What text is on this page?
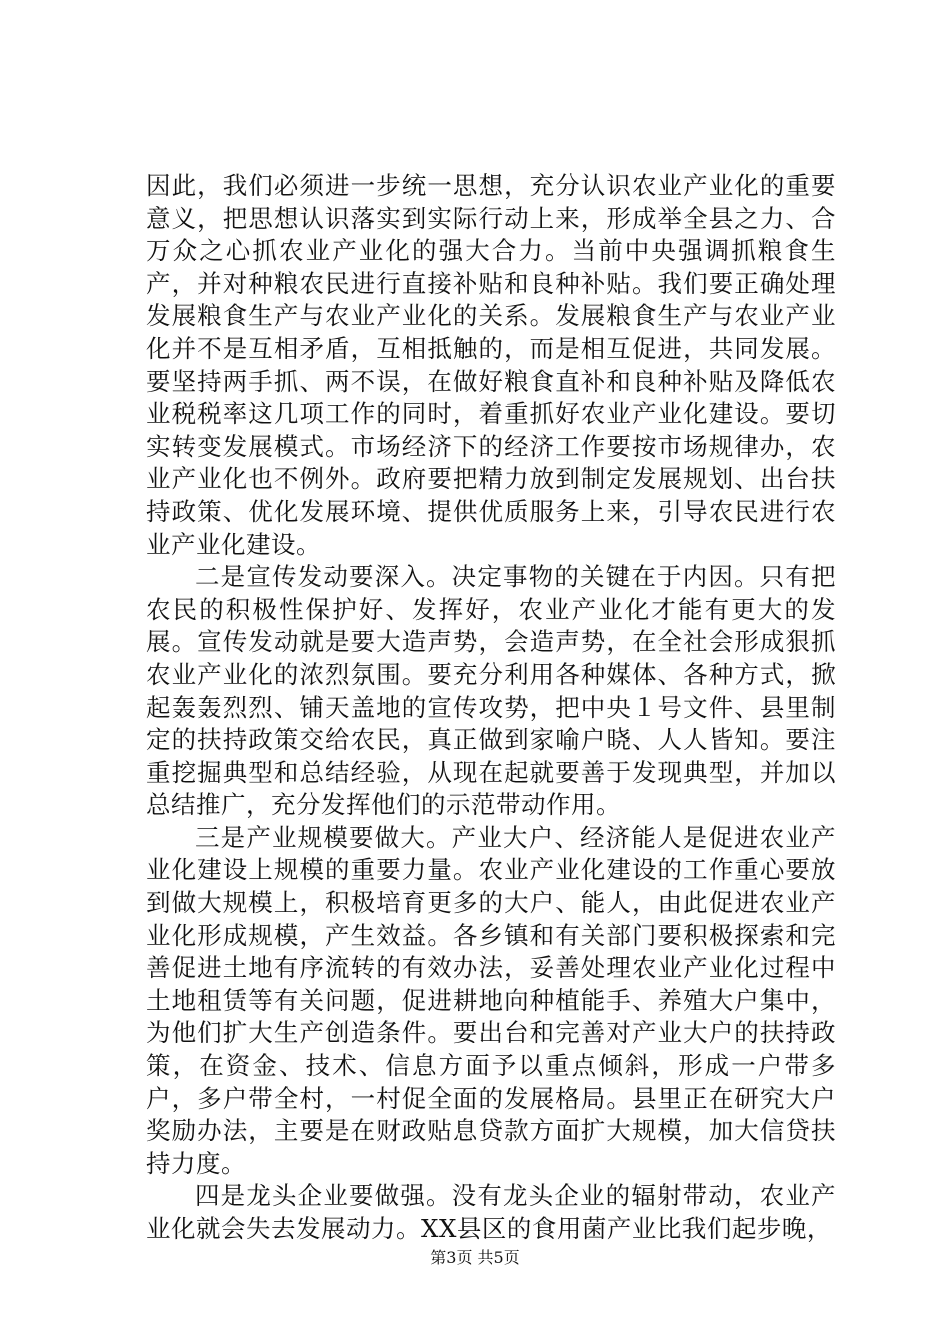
因此，我们必须进一步统一思想，充分认识农业产业化的重要意义，把思想认识落实到实际行动上来，形成举全县之力、合万众之心抓农业产业化的强大合力。当前中央强调抓粮食生产，并对种粮农民进行直接补贴和良种补贴。我们要正确处理发展粮食生产与农业产业化的关系。发展粮食生产与农业产业化并不是互相矛盾，互相抵触的，而是相互促进，共同发展。要坚持两手抓、两不误，在做好粮食直补和良种补贴及降低农业税税率这几项工作的同时，着重抓好农业产业化建设。要切实转变发展模式。市场经济下的经济工作要按市场规律办，农业产业化也不例外。政府要把精力放到制定发展规划、出台扶持政策、优化发展环境、提供优质服务上来，引导农民进行农业产业化建设。

二是宣传发动要深入。决定事物的关键在于内因。只有把农民的积极性保护好、发挥好，农业产业化才能有更大的发展。宣传发动就是要大造声势，会造声势，在全社会形成狠抓农业产业化的浓烈氛围。要充分利用各种媒体、各种方式，掀起轰轰烈烈、铺天盖地的宣传攻势，把中央１号文件、县里制定的扶持政策交给农民，真正做到家喻户晓、人人皆知。要注重挖掘典型和总结经验，从现在起就要善于发现典型，并加以总结推广，充分发挥他们的示范带动作用。

三是产业规模要做大。产业大户、经济能人是促进农业产业化建设上规模的重要力量。农业产业化建设的工作重心要放到做大规模上，积极培育更多的大户、能人，由此促进农业产业化形成规模，产生效益。各乡镇和有关部门要积极探索和完善促进土地有序流转的有效办法，妥善处理农业产业化过程中土地租赁等有关问题，促进耕地向种植能手、养殖大户集中，为他们扩大生产创造条件。要出台和完善对产业大户的扶持政策，在资金、技术、信息方面予以重点倾斜，形成一户带多户，多户带全村，一村促全面的发展格局。县里正在研究大户奖励办法，主要是在财政贴息贷款方面扩大规模，加大信贷扶持力度。

四是龙头企业要做强。没有龙头企业的辐射带动，农业产业化就会失去发展动力。XX县区的食用菌产业比我们起步晚，

第3页 共5页
